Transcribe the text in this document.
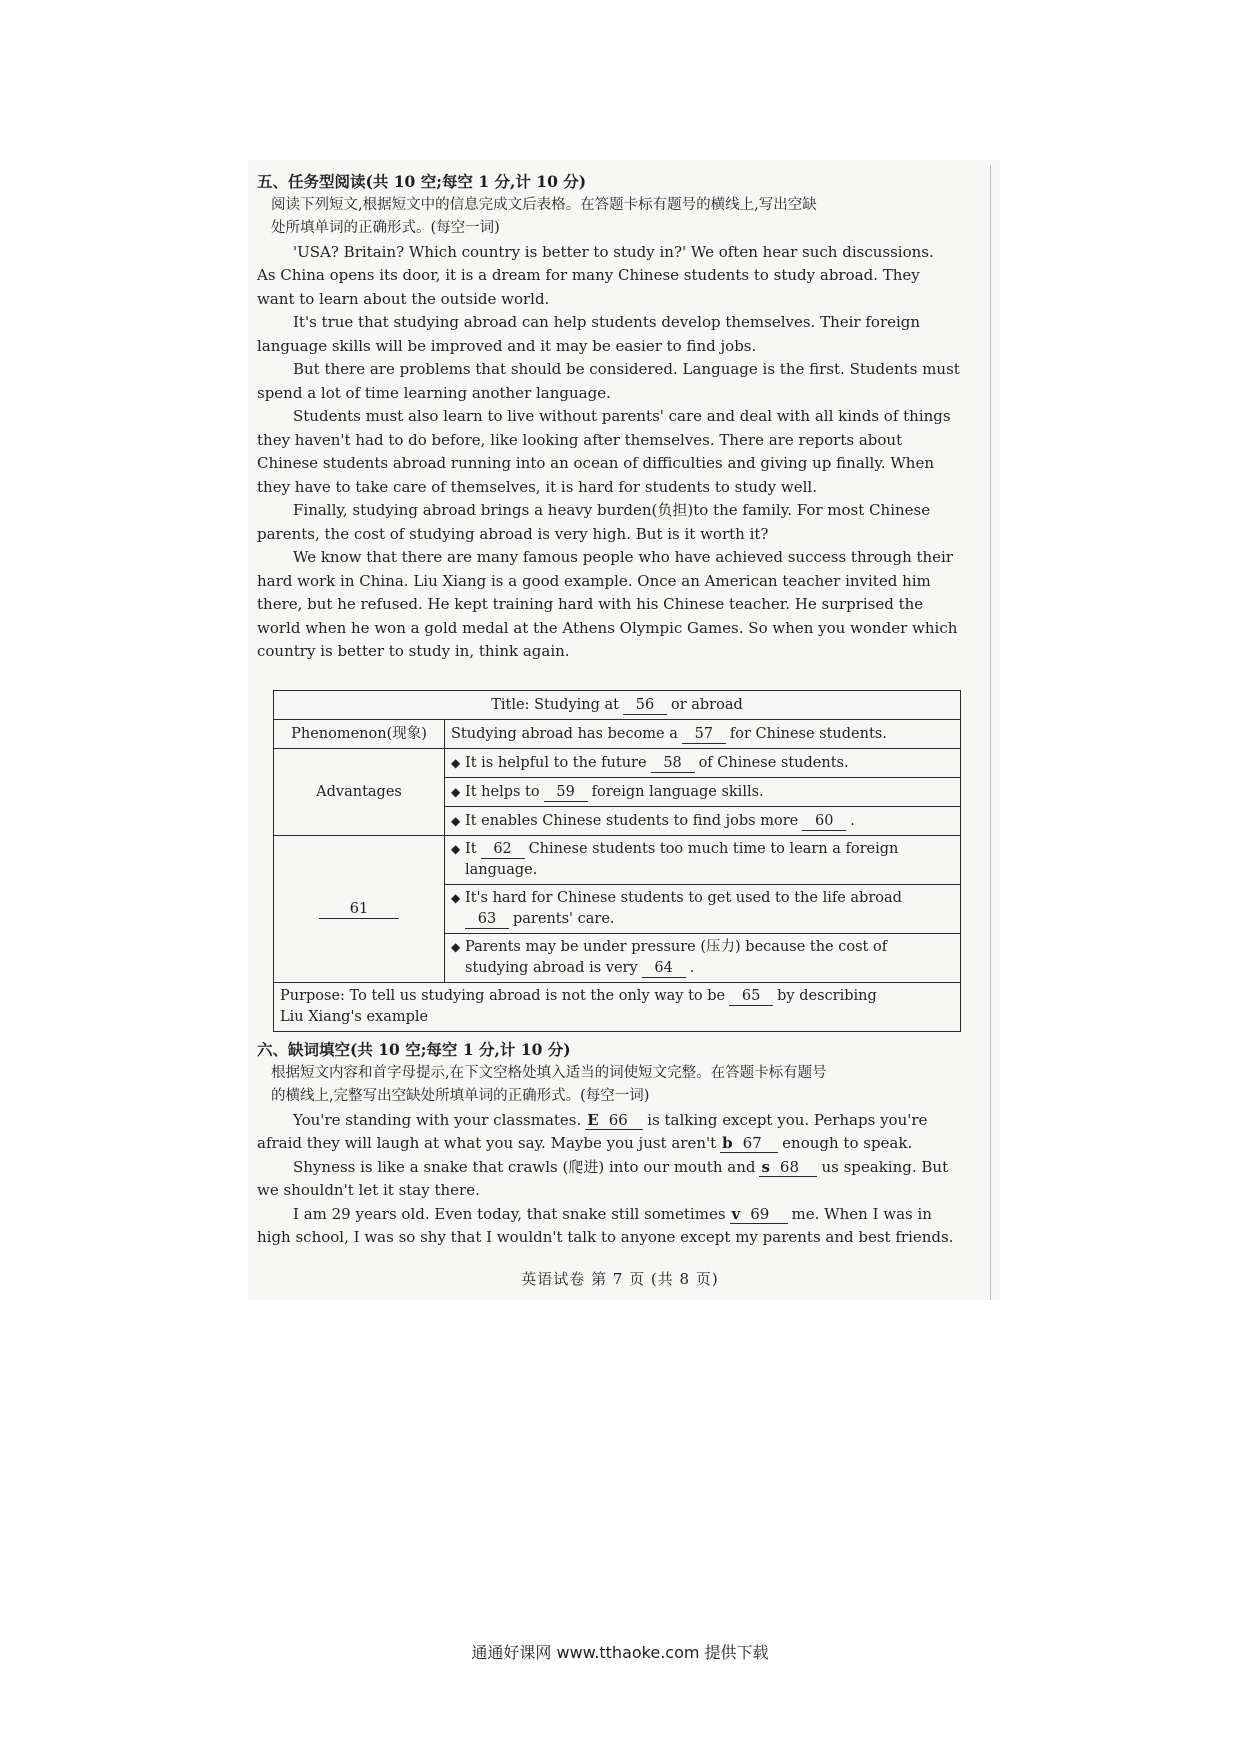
五、任务型阅读(共 10 空;每空 1 分,计 10 分)
阅读下列短文,根据短文中的信息完成文后表格。在答题卡标有题号的横线上,写出空缺
处所填单词的正确形式。(每空一词)
'USA? Britain? Which country is better to study in?' We often hear such discussions.
As China opens its door, it is a dream for many Chinese students to study abroad. They
want to learn about the outside world.
It's true that studying abroad can help students develop themselves. Their foreign
language skills will be improved and it may be easier to find jobs.
But there are problems that should be considered. Language is the first. Students must
spend a lot of time learning another language.
Students must also learn to live without parents' care and deal with all kinds of things
they haven't had to do before, like looking after themselves. There are reports about
Chinese students abroad running into an ocean of difficulties and giving up finally. When
they have to take care of themselves, it is hard for students to study well.
Finally, studying abroad brings a heavy burden(负担)to the family. For most Chinese
parents, the cost of studying abroad is very high. But is it worth it?
We know that there are many famous people who have achieved success through their
hard work in China. Liu Xiang is a good example. Once an American teacher invited him
there, but he refused. He kept training hard with his Chinese teacher. He surprised the
world when he won a gold medal at the Athens Olympic Games. So when you wonder which
country is better to study in, think again.
Title: Studying at 56 or abroad	
Phenomenon(现象)	Studying abroad has become a 57 for Chinese students.
Advantages	◆ It is helpful to the future 58 of Chinese students.
	◆ It helps to 59 foreign language skills.
	◆ It enables Chinese students to find jobs more 60 .
61	◆ It 62 Chinese students too much time to learn a foreign
language.
	◆ It's hard for Chinese students to get used to the life abroad
63 parents' care.
	◆ Parents may be under pressure (压力) because the cost of
studying abroad is very 64 .
Purpose: To tell us studying abroad is not the only way to be 65 by describing
Liu Xiang's example	
六、缺词填空(共 10 空;每空 1 分,计 10 分)
根据短文内容和首字母提示,在下文空格处填入适当的词使短文完整。在答题卡标有题号
的横线上,完整写出空缺处所填单词的正确形式。(每空一词)
You're standing with your classmates. E 66 is talking except you. Perhaps you're
afraid they will laugh at what you say. Maybe you just aren't b 67 enough to speak.
Shyness is like a snake that crawls (爬进) into our mouth and s 68 us speaking. But
we shouldn't let it stay there.
I am 29 years old. Even today, that snake still sometimes v 69 me. When I was in
high school, I was so shy that I wouldn't talk to anyone except my parents and best friends.
英语试卷 第 7 页 (共 8 页)
通通好课网 www.tthaoke.com 提供下载
